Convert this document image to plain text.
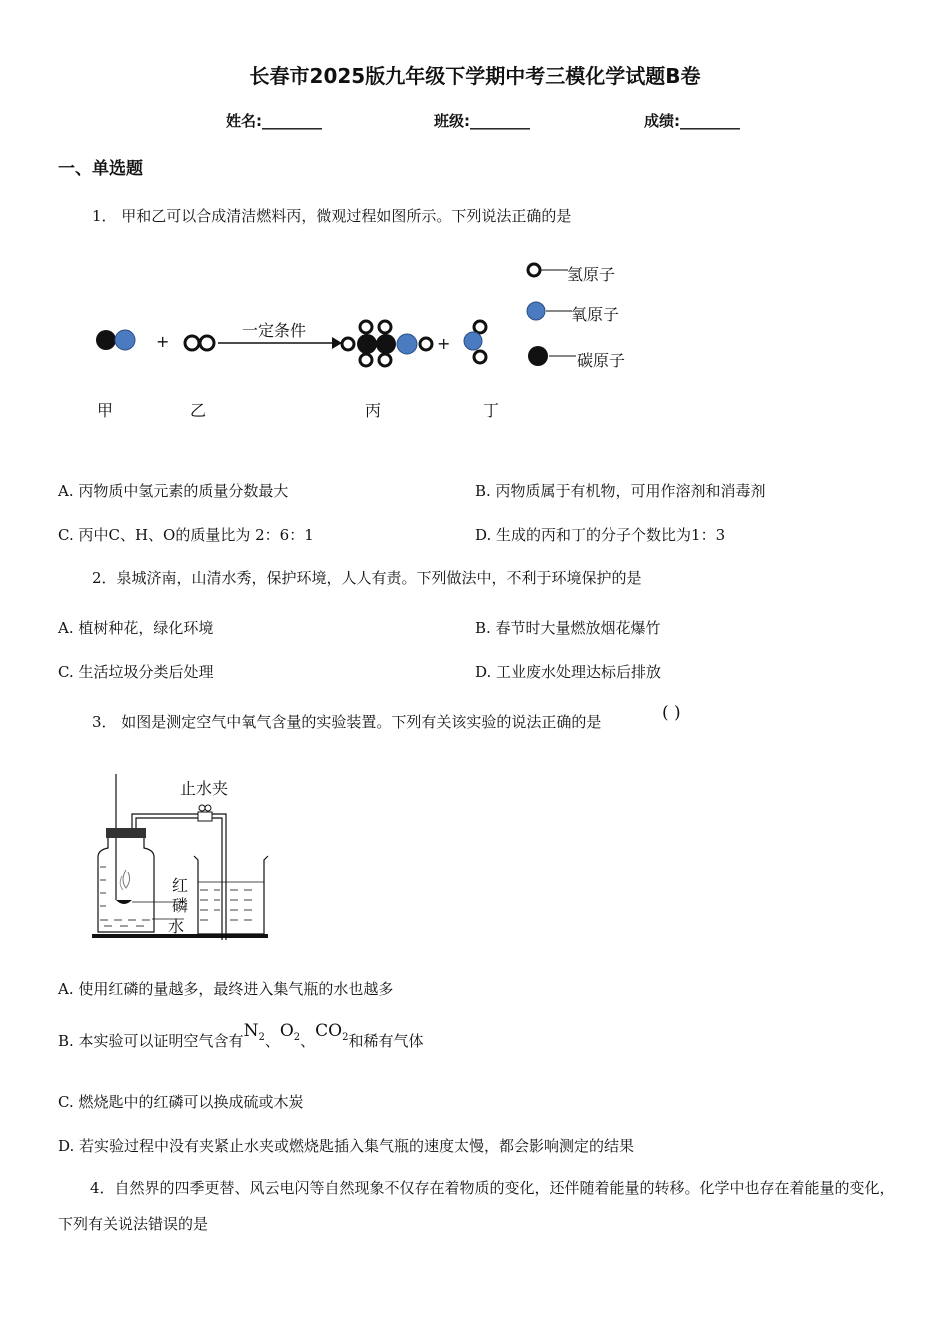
长春市2025版九年级下学期中考三模化学试题B卷
姓名:________	班级:________	成绩:________
一、单选题
1． 甲和乙可以合成清洁燃料丙，微观过程如图所示。下列说法正确的是
+	+
一定条件
氢原子
氧原子
碳原子
甲	乙	丙	丁
A. 丙物质中氢元素的质量分数最大	B. 丙物质属于有机物，可用作溶剂和消毒剂
C. 丙中C、H、O的质量比为 2：6：1	D. 生成的丙和丁的分子个数比为1：3
2．泉城济南，山清水秀，保护环境，人人有责。下列做法中，不利于环境保护的是
A. 植树种花，绿化环境	B. 春节时大量燃放烟花爆竹
C. 生活垃圾分类后处理	D. 工业废水处理达标后排放
3． 如图是测定空气中氧气含量的实验装置。下列有关该实验的说法正确的是	( )
止水夹
红
磷
水
A. 使用红磷的量越多，最终进入集气瓶的水也越多
B. 本实验可以证明空气含有$N_2$、$O_2$、$CO_2$和稀有气体
C. 燃烧匙中的红磷可以换成硫或木炭
D. 若实验过程中没有夹紧止水夹或燃烧匙插入集气瓶的速度太慢，都会影响测定的结果
4．自然界的四季更替、风云电闪等自然现象不仅存在着物质的变化，还伴随着能量的转移。化学中也存在着能量的变化，下列有关说法错误的是
